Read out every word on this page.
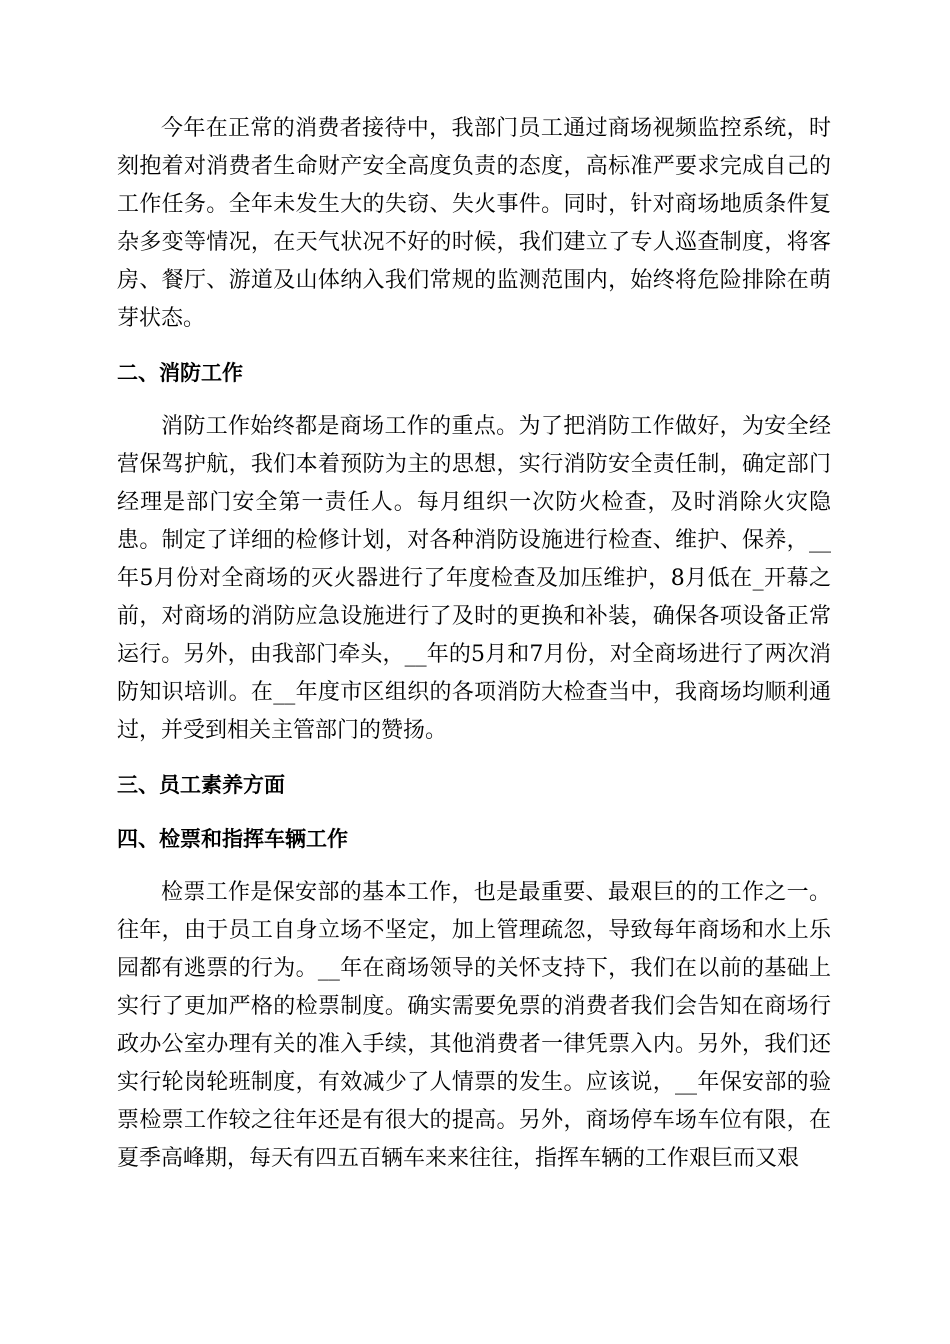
今年在正常的消费者接待中，我部门员工通过商场视频监控系统，时刻抱着对消费者生命财产安全高度负责的态度，高标准严要求完成自己的工作任务。全年未发生大的失窃、失火事件。同时，针对商场地质条件复杂多变等情况，在天气状况不好的时候，我们建立了专人巡查制度，将客房、餐厅、游道及山体纳入我们常规的监测范围内，始终将危险排除在萌芽状态。

二、消防工作

消防工作始终都是商场工作的重点。为了把消防工作做好，为安全经营保驾护航，我们本着预防为主的思想，实行消防安全责任制，确定部门经理是部门安全第一责任人。每月组织一次防火检查，及时消除火灾隐患。制定了详细的检修计划，对各种消防设施进行检查、维护、保养，__年5月份对全商场的灭火器进行了年度检查及加压维护，8月低在_开幕之前，对商场的消防应急设施进行了及时的更换和补装，确保各项设备正常运行。另外，由我部门牵头，__年的5月和7月份，对全商场进行了两次消防知识培训。在__年度市区组织的各项消防大检查当中，我商场均顺利通过，并受到相关主管部门的赞扬。

三、员工素养方面
四、检票和指挥车辆工作

检票工作是保安部的基本工作，也是最重要、最艰巨的的工作之一。往年，由于员工自身立场不坚定，加上管理疏忽，导致每年商场和水上乐园都有逃票的行为。__年在商场领导的关怀支持下，我们在以前的基础上实行了更加严格的检票制度。确实需要免票的消费者我们会告知在商场行政办公室办理有关的准入手续，其他消费者一律凭票入内。另外，我们还实行轮岗轮班制度，有效减少了人情票的发生。应该说，__年保安部的验票检票工作较之往年还是有很大的提高。另外，商场停车场车位有限，在夏季高峰期，每天有四五百辆车来来往往，指挥车辆的工作艰巨而又艰
